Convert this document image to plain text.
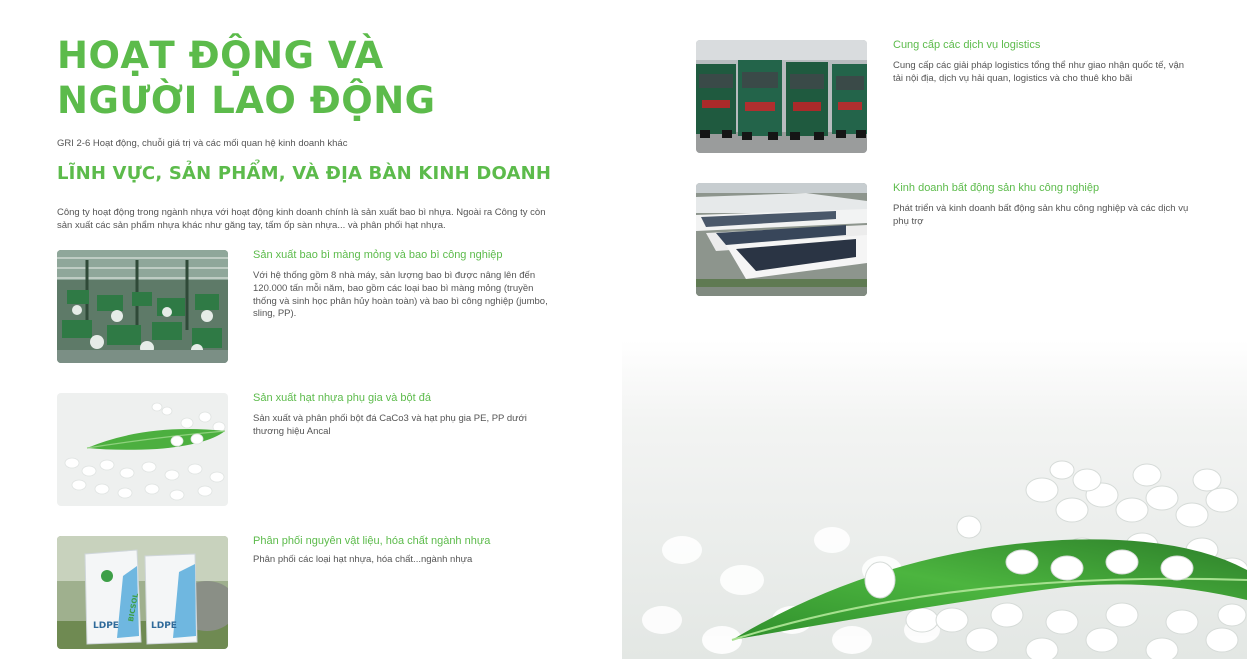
HOẠT ĐỘNG VÀ
NGƯỜI LAO ĐỘNG
GRI 2-6 Hoạt động, chuỗi giá trị và các mối quan hệ kinh doanh khác
LĨNH VỰC, SẢN PHẨM, VÀ ĐỊA BÀN KINH DOANH

Công ty hoạt động trong ngành nhựa với hoạt động kinh doanh chính là sản xuất bao bì nhựa. Ngoài ra Công ty còn sản xuất các sản phẩm nhựa khác như găng tay, tấm ốp sàn nhựa... và phân phối hạt nhựa.

Sản xuất bao bì màng mỏng và bao bì công nghiệp

Với hệ thống gồm 8 nhà máy, sản lượng bao bì được nâng lên đến 120.000 tấn mỗi năm, bao gồm các loại bao bì màng mỏng (truyền thống và sinh học phân hủy hoàn toàn) và bao bì công nghiệp (jumbo, sling, PP).

Sản xuất hạt nhựa phụ gia và bột đá

Sản xuất và phân phối bột đá CaCo3 và hạt phụ gia PE, PP dưới thương hiệu Ancal

LDPE	LDPE
BICSOL
Phân phối nguyên vật liệu, hóa chất ngành nhựa

Phân phối các loại hạt nhựa, hóa chất...ngành nhựa

Cung cấp các dịch vụ logistics

Cung cấp các giải pháp logistics tổng thể như giao nhận quốc tế, vận tải nội địa, dịch vụ hải quan, logistics và cho thuê kho bãi

Kinh doanh bất động sản khu công nghiệp

Phát triển và kinh doanh bất động sản khu công nghiệp và các dịch vụ phụ trợ
